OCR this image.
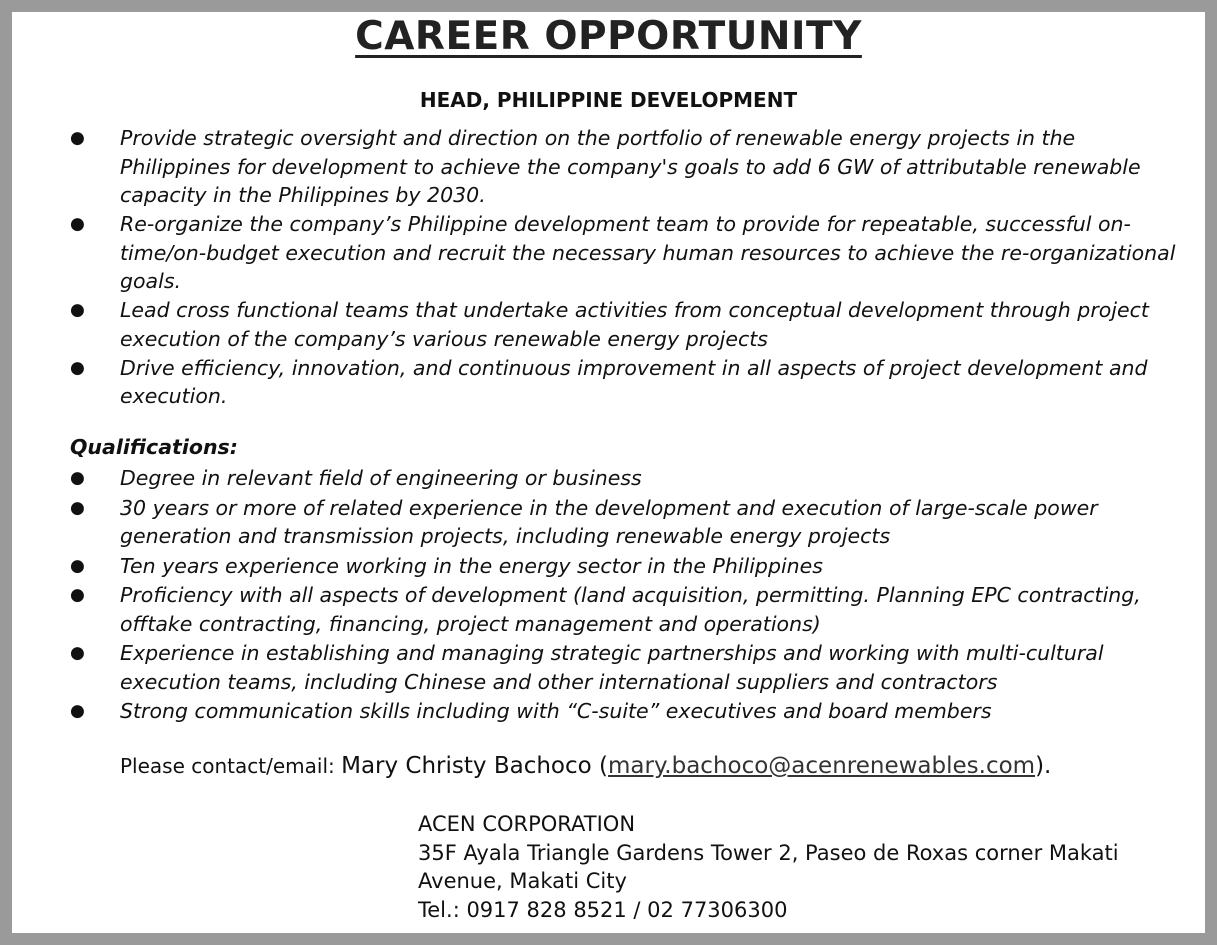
CAREER OPPORTUNITY
HEAD, PHILIPPINE DEVELOPMENT
● Provide strategic oversight and direction on the portfolio of renewable energy projects in the Philippines for development to achieve the company's goals to add 6 GW of attributable renewable capacity in the Philippines by 2030.
● Re-organize the company’s Philippine development team to provide for repeatable, successful on-time/on-budget execution and recruit the necessary human resources to achieve the re-organizational goals.
● Lead cross functional teams that undertake activities from conceptual development through project execution of the company’s various renewable energy projects
● Drive efficiency, innovation, and continuous improvement in all aspects of project development and execution.
Qualifications:
● Degree in relevant field of engineering or business
● 30 years or more of related experience in the development and execution of large-scale power generation and transmission projects, including renewable energy projects
● Ten years experience working in the energy sector in the Philippines
● Proficiency with all aspects of development (land acquisition, permitting. Planning EPC contracting, offtake contracting, financing, project management and operations)
● Experience in establishing and managing strategic partnerships and working with multi-cultural execution teams, including Chinese and other international suppliers and contractors
● Strong communication skills including with “C-suite” executives and board members
Please contact/email: Mary Christy Bachoco (mary.bachoco@acenrenewables.com).
ACEN CORPORATION
35F Ayala Triangle Gardens Tower 2, Paseo de Roxas corner Makati
Avenue, Makati City
Tel.: 0917 828 8521 / 02 77306300
